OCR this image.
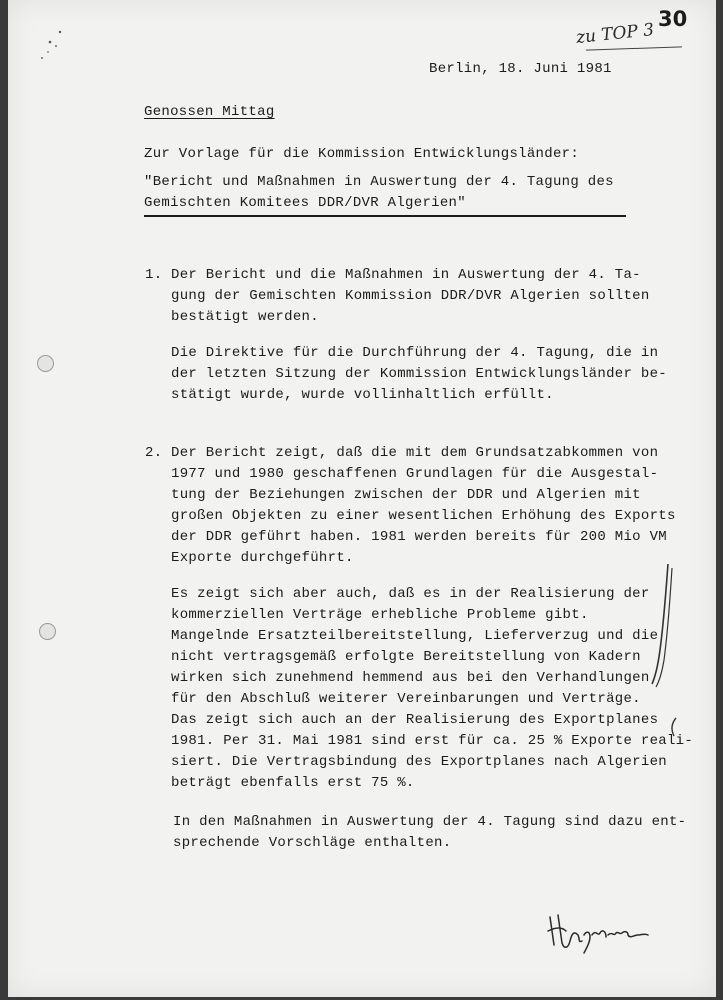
30
zu TOP 3
Berlin, 18. Juni 1981
Genossen Mittag
Zur Vorlage für die Kommission Entwicklungsländer:
"Bericht und Maßnahmen in Auswertung der 4. Tagung des
Gemischten Komitees DDR/DVR Algerien"
1. Der Bericht und die Maßnahmen in Auswertung der 4. Ta-
gung der Gemischten Kommission DDR/DVR Algerien sollten
bestätigt werden.
Die Direktive für die Durchführung der 4. Tagung, die in
der letzten Sitzung der Kommission Entwicklungsländer be-
stätigt wurde, wurde vollinhaltlich erfüllt.
2. Der Bericht zeigt, daß die mit dem Grundsatzabkommen von
1977 und 1980 geschaffenen Grundlagen für die Ausgestal-
tung der Beziehungen zwischen der DDR und Algerien mit
großen Objekten zu einer wesentlichen Erhöhung des Exports
der DDR geführt haben. 1981 werden bereits für 200 Mio VM
Exporte durchgeführt.
Es zeigt sich aber auch, daß es in der Realisierung der
kommerziellen Verträge erhebliche Probleme gibt.
Mangelnde Ersatzteilbereitstellung, Lieferverzug und die
nicht vertragsgemäß erfolgte Bereitstellung von Kadern
wirken sich zunehmend hemmend aus bei den Verhandlungen
für den Abschluß weiterer Vereinbarungen und Verträge.
Das zeigt sich auch an der Realisierung des Exportplanes
1981. Per 31. Mai 1981 sind erst für ca. 25 % Exporte reali-
siert. Die Vertragsbindung des Exportplanes nach Algerien
beträgt ebenfalls erst 75 %.
In den Maßnahmen in Auswertung der 4. Tagung sind dazu ent-
sprechende Vorschläge enthalten.
